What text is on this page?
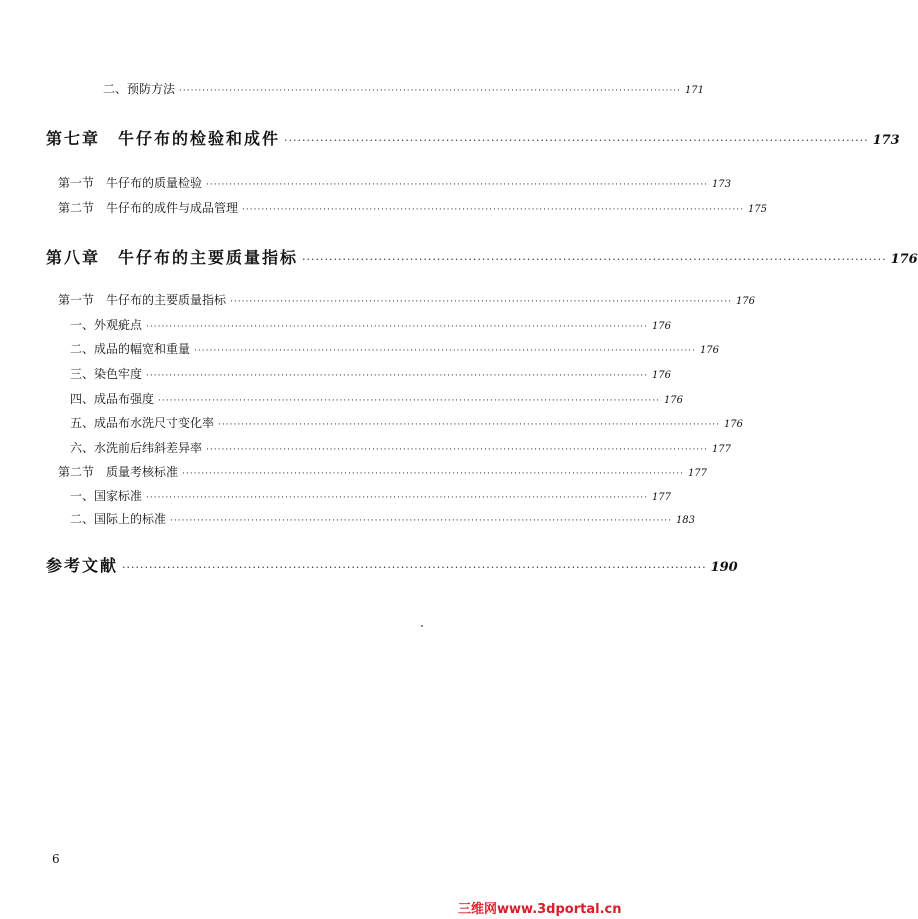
二、预防方法 ·································································································································· 171
第七章　牛仔布的检验和成件 ·································································································································· 173
第一节　牛仔布的质量检验 ·································································································································· 173
第二节　牛仔布的成件与成品管理 ·································································································································· 175
第八章　牛仔布的主要质量指标 ·································································································································· 176
第一节　牛仔布的主要质量指标 ·································································································································· 176
一、外观疵点 ·································································································································· 176
二、成品的幅宽和重量 ·································································································································· 176
三、染色牢度 ·································································································································· 176
四、成品布强度 ·································································································································· 176
五、成品布水洗尺寸变化率 ·································································································································· 176
六、水洗前后纬斜差异率 ·································································································································· 177
第二节　质量考核标准 ·································································································································· 177
一、国家标准 ·································································································································· 177
二、国际上的标准 ·································································································································· 183
参考文献 ·································································································································· 190
6
三维网www.3dportal.cn
